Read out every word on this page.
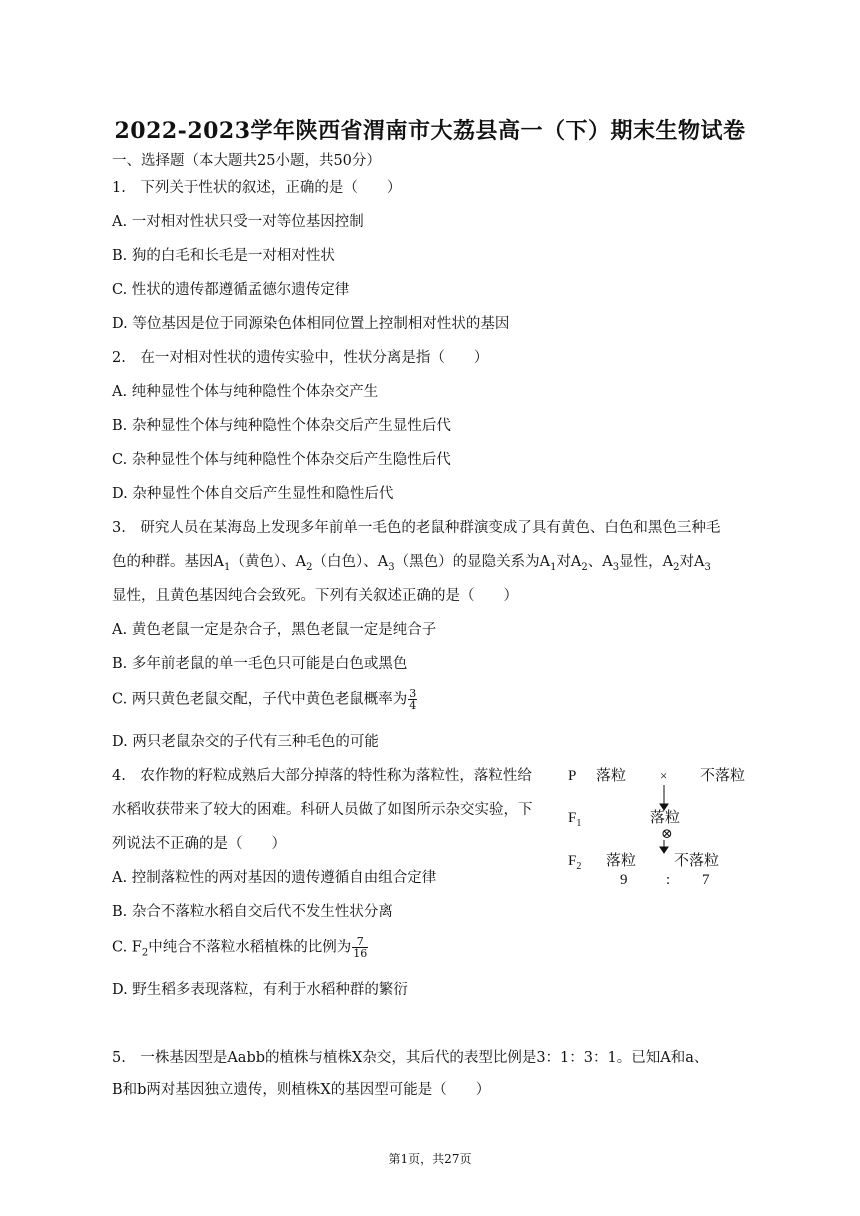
2022-2023学年陕西省渭南市大荔县高一（下）期末生物试卷
一、选择题（本大题共25小题，共50分）
1.　下列关于性状的叙述，正确的是（　　）
A. 一对相对性状只受一对等位基因控制
B. 狗的白毛和长毛是一对相对性状
C. 性状的遗传都遵循孟德尔遗传定律
D. 等位基因是位于同源染色体相同位置上控制相对性状的基因
2.　在一对相对性状的遗传实验中，性状分离是指（　　）
A. 纯种显性个体与纯种隐性个体杂交产生
B. 杂种显性个体与纯种隐性个体杂交后产生显性后代
C. 杂种显性个体与纯种隐性个体杂交后产生隐性后代
D. 杂种显性个体自交后产生显性和隐性后代
3.　研究人员在某海岛上发现多年前单一毛色的老鼠种群演变成了具有黄色、白色和黑色三种毛
色的种群。基因$A_1$（黄色）、$A_2$（白色）、$A_3$（黑色）的显隐关系为$A_1$对$A_2$、$A_3$显性，$A_2$对$A_3$
显性，且黄色基因纯合会致死。下列有关叙述正确的是（　　）
A. 黄色老鼠一定是杂合子，黑色老鼠一定是纯合子
B. 多年前老鼠的单一毛色只可能是白色或黑色
C. 两只黄色老鼠交配，子代中黄色老鼠概率为 $\frac{3}{4}$
D. 两只老鼠杂交的子代有三种毛色的可能
4.　农作物的籽粒成熟后大部分掉落的特性称为落粒性，落粒性给
水稻收获带来了较大的困难。科研人员做了如图所示杂交实验，下
列说法不正确的是（　　）
A. 控制落粒性的两对基因的遗传遵循自由组合定律
B. 杂合不落粒水稻自交后代不发生性状分离
C. $F_2$中纯合不落粒水稻植株的比例为 $\frac{7}{16}$
D. 野生稻多表现落粒，有利于水稻种群的繁衍
P 落粒	× 不落粒
$F_1$	落粒
⊗
$F_2$ 落粒	不落粒
9	: 7
5.　一株基因型是Aabb的植株与植株X杂交，其后代的表型比例是3：1：3：1。已知A和a、
B和b两对基因独立遗传，则植株X的基因型可能是（　　）
第1页，共27页
